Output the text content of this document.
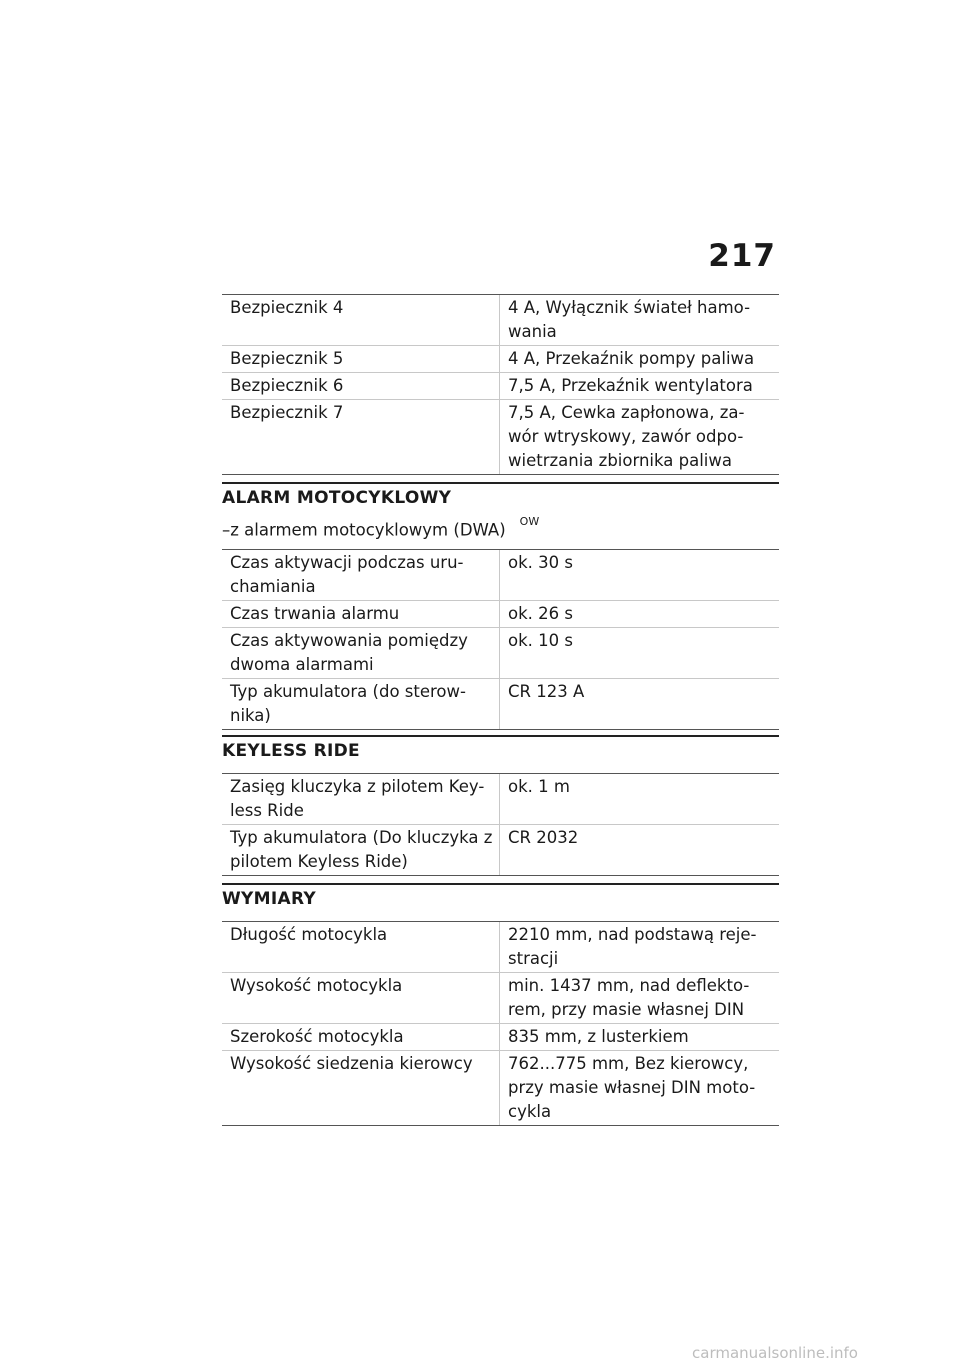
217
Bezpiecznik 4	4 A, Wyłącznik świateł hamo-wania
Bezpiecznik 5	4 A, Przekaźnik pompy paliwa
Bezpiecznik 6	7,5 A, Przekaźnik wentylatora
Bezpiecznik 7	7,5 A, Cewka zapłonowa, za-wór wtryskowy, zawór odpo-wietrzania zbiornika paliwa
ALARM MOTOCYKLOWY
–z alarmem motocyklowym (DWA) $^{OW}$
Czas aktywacji podczas uru-chamiania	ok. 30 s
Czas trwania alarmu	ok. 26 s
Czas aktywowania pomiędzy dwoma alarmami	ok. 10 s
Typ akumulatora (do sterow-nika)	CR 123 A
KEYLESS RIDE
Zasięg kluczyka z pilotem Key-less Ride	ok. 1 m
Typ akumulatora (Do kluczyka z pilotem Keyless Ride)	CR 2032
WYMIARY
Długość motocykla	2210 mm, nad podstawą reje-stracji
Wysokość motocykla	min. 1437 mm, nad deflekto-rem, przy masie własnej DIN
Szerokość motocykla	835 mm, z lusterkiem
Wysokość siedzenia kierowcy	762...775 mm, Bez kierowcy, przy masie własnej DIN moto-cykla
carmanualsonline.info
